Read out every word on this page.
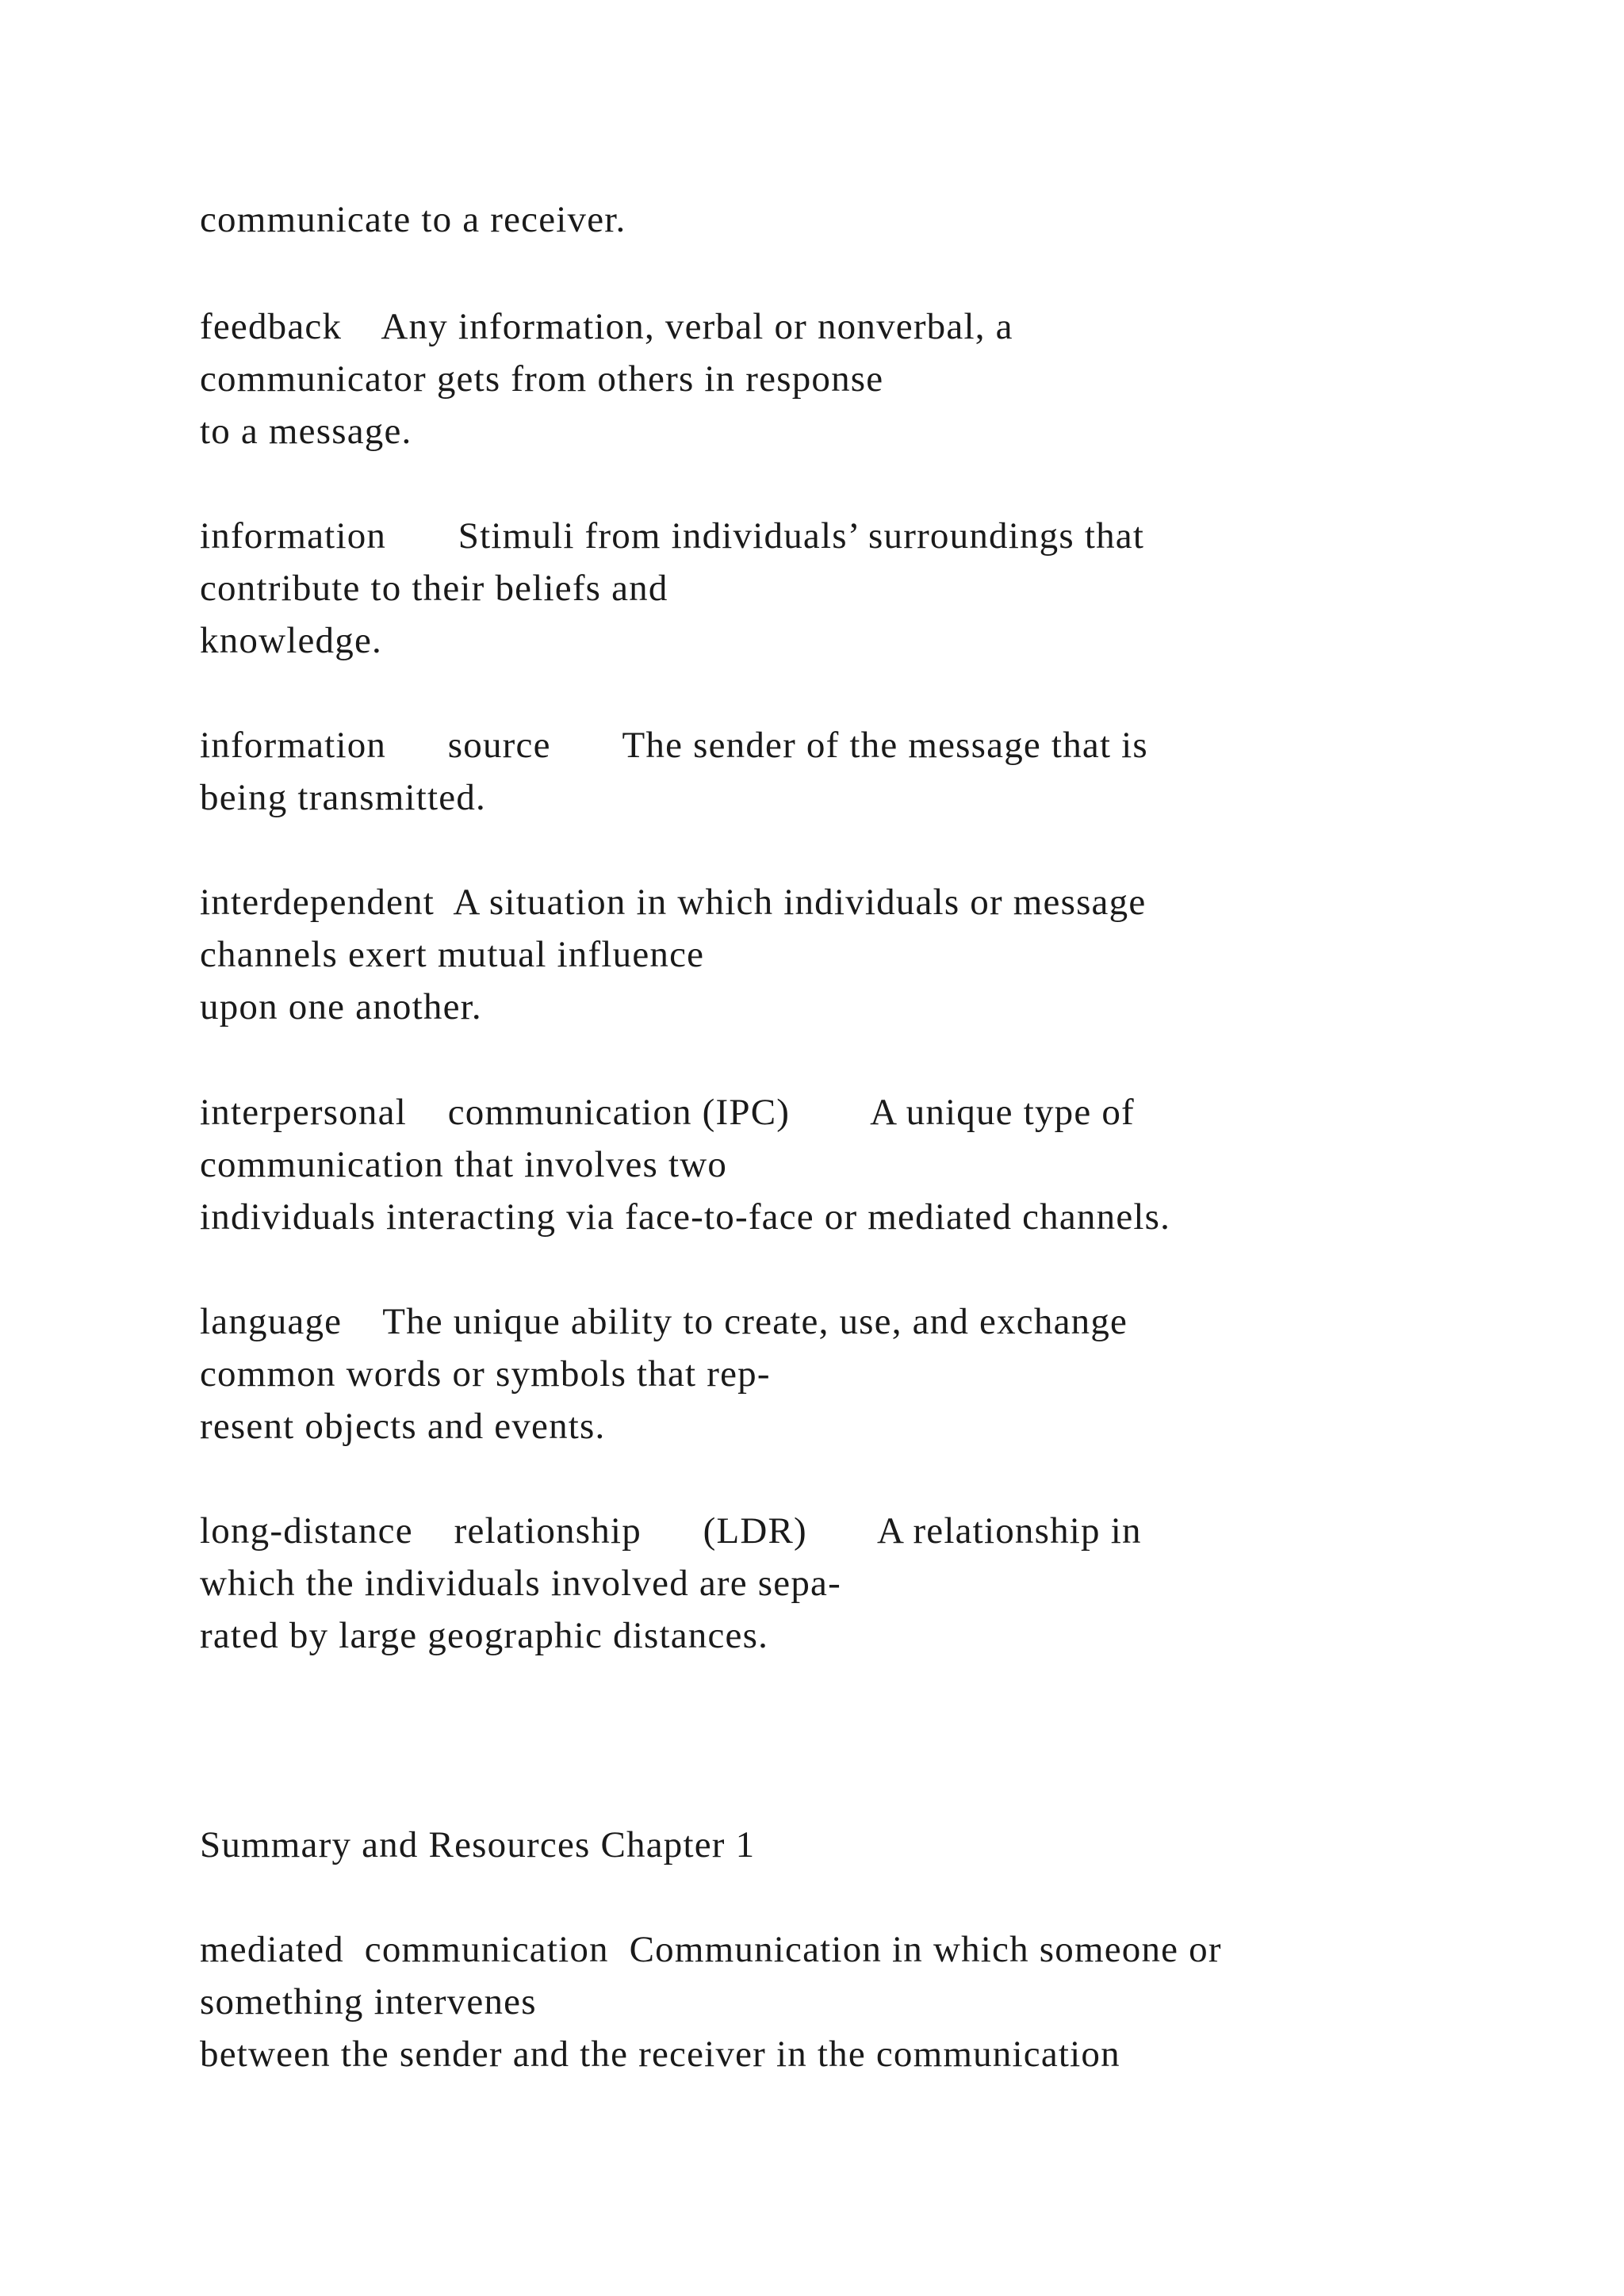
communicate to a receiver.
feedback    Any information, verbal or nonverbal, a
communicator gets from others in response
to a message.
information       Stimuli from individuals’ surroundings that
contribute to their beliefs and
knowledge.
information      source       The sender of the message that is
being transmitted.
interdependent  A situation in which individuals or message
channels exert mutual influence
upon one another.
interpersonal    communication (IPC)        A unique type of
communication that involves two
individuals interacting via face-to-face or mediated channels.
language    The unique ability to create, use, and exchange
common words or symbols that rep-
resent objects and events.
long-distance    relationship      (LDR)       A relationship in
which the individuals involved are sepa-
rated by large geographic distances.
Summary and Resources Chapter 1
mediated  communication  Communication in which someone or
something intervenes
between the sender and the receiver in the communication
